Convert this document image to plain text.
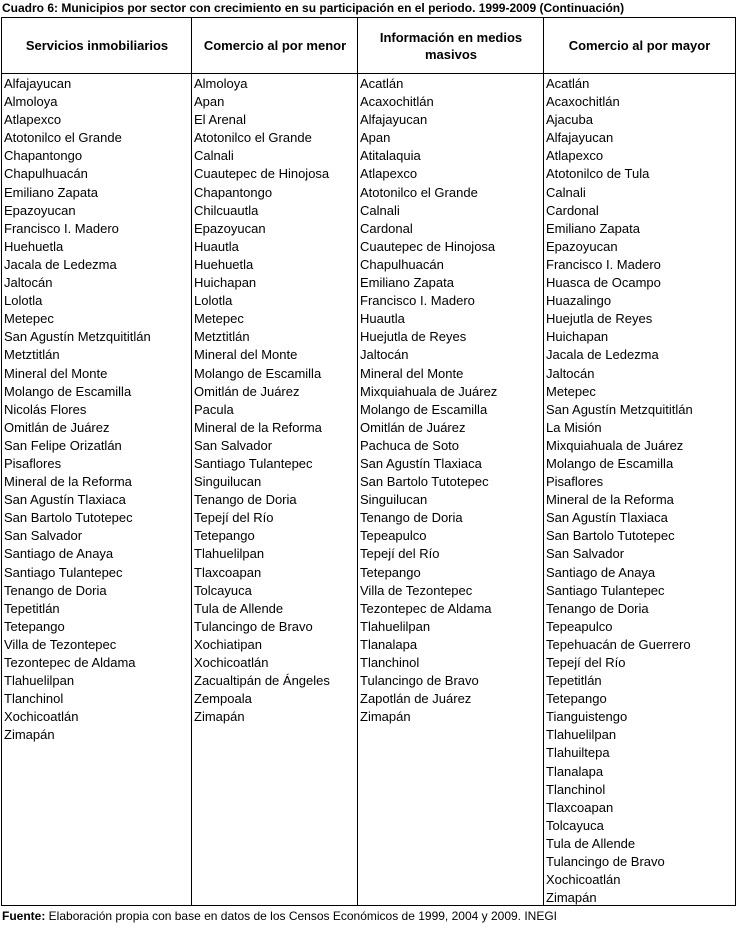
Cuadro 6: Municipios por sector con crecimiento en su participación en el periodo. 1999-2009 (Continuación)
Servicios inmobiliarios	Comercio al por menor
Información en medios masivos
Comercio al por mayor
Alfajayucan
Almoloya
Atlapexco
Atotonilco el Grande
Chapantongo
Chapulhuacán
Emiliano Zapata
Epazoyucan
Francisco I. Madero
Huehuetla
Jacala de Ledezma
Jaltocán
Lolotla
Metepec
San Agustín Metzquititlán
Metztitlán
Mineral del Monte
Molango de Escamilla
Nicolás Flores
Omitlán de Juárez
San Felipe Orizatlán
Pisaflores
Mineral de la Reforma
San Agustín Tlaxiaca
San Bartolo Tutotepec
San Salvador
Santiago de Anaya
Santiago Tulantepec
Tenango de Doria
Tepetitlán
Tetepango
Villa de Tezontepec
Tezontepec de Aldama
Tlahuelilpan
Tlanchinol
Xochicoatlán
Zimapán
Almoloya
Apan
El Arenal
Atotonilco el Grande
Calnali
Cuautepec de Hinojosa
Chapantongo
Chilcuautla
Epazoyucan
Huautla
Huehuetla
Huichapan
Lolotla
Metepec
Metztitlán
Mineral del Monte
Molango de Escamilla
Omitlán de Juárez
Pacula
Mineral de la Reforma
San Salvador
Santiago Tulantepec
Singuilucan
Tenango de Doria
Tepejí del Río
Tetepango
Tlahuelilpan
Tlaxcoapan
Tolcayuca
Tula de Allende
Tulancingo de Bravo
Xochiatipan
Xochicoatlán
Zacualtipán de Ángeles
Zempoala
Zimapán
Acatlán
Acaxochitlán
Alfajayucan
Apan
Atitalaquia
Atlapexco
Atotonilco el Grande
Calnali
Cardonal
Cuautepec de Hinojosa
Chapulhuacán
Emiliano Zapata
Francisco I. Madero
Huautla
Huejutla de Reyes
Jaltocán
Mineral del Monte
Mixquiahuala de Juárez
Molango de Escamilla
Omitlán de Juárez
Pachuca de Soto
San Agustín Tlaxiaca
San Bartolo Tutotepec
Singuilucan
Tenango de Doria
Tepeapulco
Tepejí del Río
Tetepango
Villa de Tezontepec
Tezontepec de Aldama
Tlahuelilpan
Tlanalapa
Tlanchinol
Tulancingo de Bravo
Zapotlán de Juárez
Zimapán
Acatlán
Acaxochitlán
Ajacuba
Alfajayucan
Atlapexco
Atotonilco de Tula
Calnali
Cardonal
Emiliano Zapata
Epazoyucan
Francisco I. Madero
Huasca de Ocampo
Huazalingo
Huejutla de Reyes
Huichapan
Jacala de Ledezma
Jaltocán
Metepec
San Agustín Metzquititlán
La Misión
Mixquiahuala de Juárez
Molango de Escamilla
Pisaflores
Mineral de la Reforma
San Agustín Tlaxiaca
San Bartolo Tutotepec
San Salvador
Santiago de Anaya
Santiago Tulantepec
Tenango de Doria
Tepeapulco
Tepehuacán de Guerrero
Tepejí del Río
Tepetitlán
Tetepango
Tianguistengo
Tlahuelilpan
Tlahuiltepa
Tlanalapa
Tlanchinol
Tlaxcoapan
Tolcayuca
Tula de Allende
Tulancingo de Bravo
Xochicoatlán
Zimapán
Fuente: Elaboración propia con base en datos de los Censos Económicos de 1999, 2004 y 2009. INEGI
